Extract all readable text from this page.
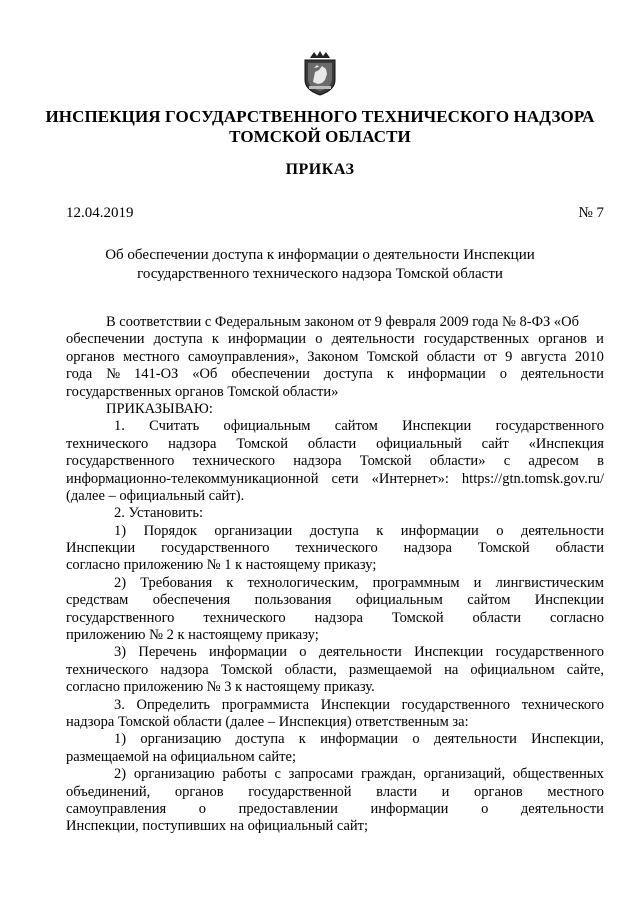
ИНСПЕКЦИЯ ГОСУДАРСТВЕННОГО ТЕХНИЧЕСКОГО НАДЗОРА
ТОМСКОЙ ОБЛАСТИ
ПРИКАЗ
12.04.2019	№ 7
Об обеспечении доступа к информации о деятельности Инспекции
государственного технического надзора Томской области
В соответствии с Федеральным законом от 9 февраля 2009 года № 8-ФЗ «Об
обеспечении доступа к информации о деятельности государственных органов и
органов местного самоуправления», Законом Томской области от 9 августа 2010
года № 141-ОЗ «Об обеспечении доступа к информации о деятельности
государственных органов Томской области»
ПРИКАЗЫВАЮ:
1. Считать официальным сайтом Инспекции государственного
технического надзора Томской области официальный сайт «Инспекция
государственного технического надзора Томской области» с адресом в
информационно-телекоммуникационной сети «Интернет»: https://gtn.tomsk.gov.ru/
(далее – официальный сайт).
2. Установить:
1) Порядок организации доступа к информации о деятельности
Инспекции государственного технического надзора Томской области
согласно приложению № 1 к настоящему приказу;
2) Требования к технологическим, программным и лингвистическим
средствам обеспечения пользования официальным сайтом Инспекции
государственного технического надзора Томской области согласно
приложению № 2 к настоящему приказу;
3) Перечень информации о деятельности Инспекции государственного
технического надзора Томской области, размещаемой на официальном сайте,
согласно приложению № 3 к настоящему приказу.
3. Определить программиста Инспекции государственного технического
надзора Томской области (далее – Инспекция) ответственным за:
1) организацию доступа к информации о деятельности Инспекции,
размещаемой на официальном сайте;
2) организацию работы с запросами граждан, организаций, общественных
объединений, органов государственной власти и органов местного
самоуправления о предоставлении информации о деятельности
Инспекции, поступивших на официальный сайт;
